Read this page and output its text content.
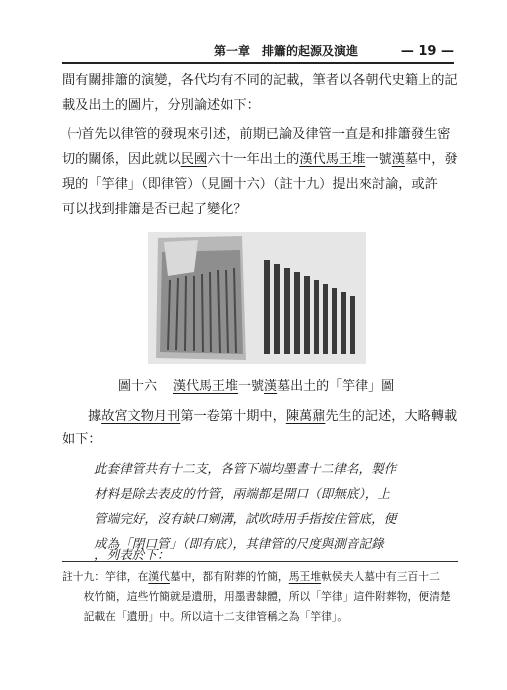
第一章　排簫的起源及演進	— 19 —
間有關排簫的演變，各代均有不同的記載，筆者以各朝代史籍上的記
載及出土的圖片，分別論述如下：
㈠首先以律管的發現來引述，前期已論及律管一直是和排簫發生密
切的關係，因此就以民國六十一年出土的漢代馬王堆一號漢墓中，發
現的「竽律」（即律管）（見圖十六）（註十九）提出來討論，或許
可以找到排簫是否已起了變化？
圖十六 漢代馬王堆一號漢墓出土的「竽律」圖
據故宮文物月刊第一卷第十期中，陳萬鼐先生的記述，大略轉載
如下：
此套律管共有十二支，各管下端均墨書十二律名，製作
材料是除去表皮的竹管，兩端都是開口（即無底），上
管端完好，沒有缺口剜溝，試吹時用手指按住管底，便
成為「閉口管」（即有底），其律管的尺度與測音記錄
，列表於下：
註十九：竽律，在漢代墓中，都有附葬的竹簡，馬王堆軑侯夫人墓中有三百十二
　　枚竹簡，這些竹簡就是遺册，用墨書隸體，所以「竽律」這件附葬物，便清楚
　　記載在「遺册」中。所以這十二支律管稱之為「竽律」。
